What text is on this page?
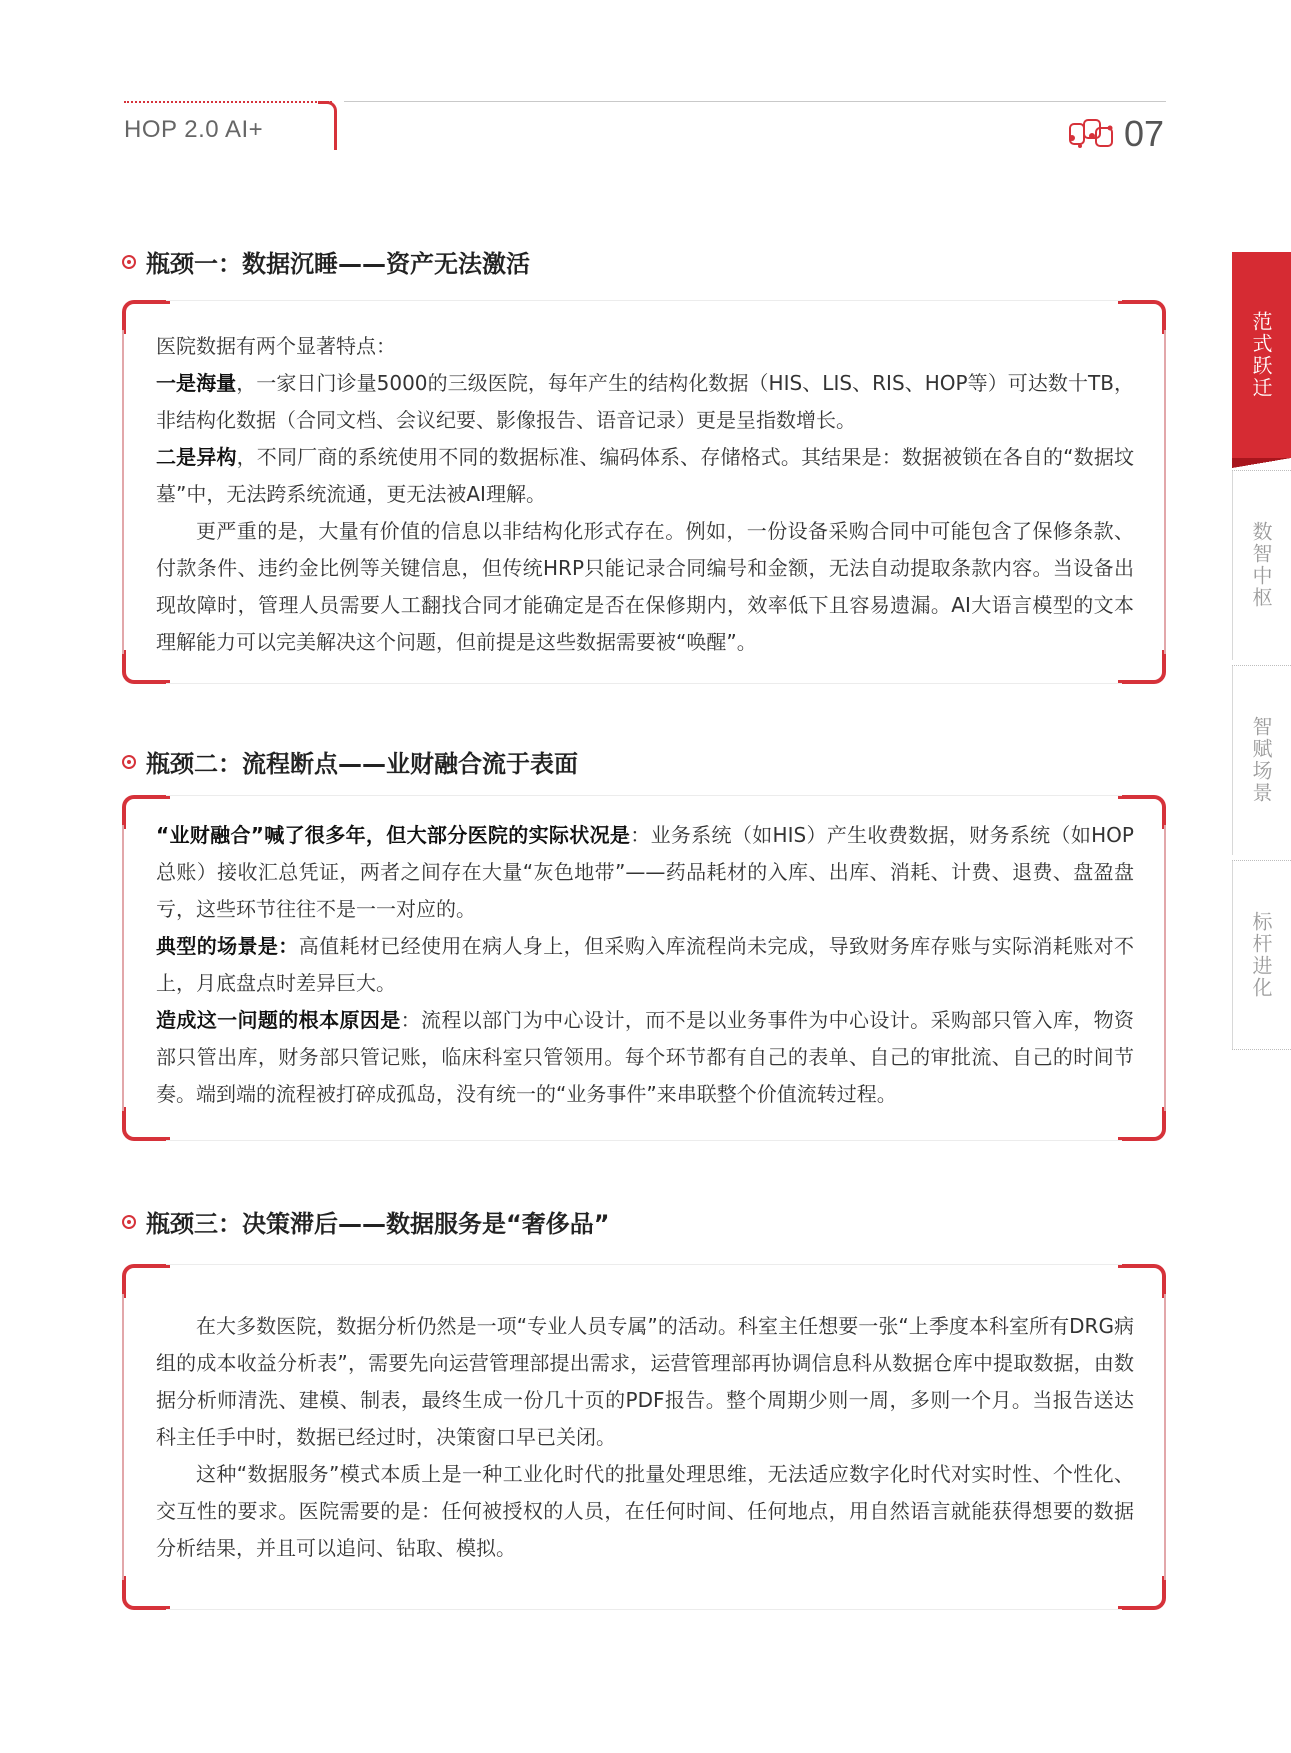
HOP 2.0 AI+	07
范式跃迁
数智中枢
智赋场景
标杆进化
瓶颈一：数据沉睡——资产无法激活

医院数据有两个显著特点：

一是海量，一家日门诊量5000的三级医院，每年产生的结构化数据（HIS、LIS、RIS、HOP等）可达数十TB，非结构化数据（合同文档、会议纪要、影像报告、语音记录）更是呈指数增长。

二是异构，不同厂商的系统使用不同的数据标准、编码体系、存储格式。其结果是：数据被锁在各自的“数据坟墓”中，无法跨系统流通，更无法被AI理解。

更严重的是，大量有价值的信息以非结构化形式存在。例如，一份设备采购合同中可能包含了保修条款、付款条件、违约金比例等关键信息，但传统HRP只能记录合同编号和金额，无法自动提取条款内容。当设备出现故障时，管理人员需要人工翻找合同才能确定是否在保修期内，效率低下且容易遗漏。AI大语言模型的文本理解能力可以完美解决这个问题，但前提是这些数据需要被“唤醒”。

瓶颈二：流程断点——业财融合流于表面

“业财融合”喊了很多年，但大部分医院的实际状况是：业务系统（如HIS）产生收费数据，财务系统（如HOP总账）接收汇总凭证，两者之间存在大量“灰色地带”——药品耗材的入库、出库、消耗、计费、退费、盘盈盘亏，这些环节往往不是一一对应的。

典型的场景是：高值耗材已经使用在病人身上，但采购入库流程尚未完成，导致财务库存账与实际消耗账对不上，月底盘点时差异巨大。

造成这一问题的根本原因是：流程以部门为中心设计，而不是以业务事件为中心设计。采购部只管入库，物资部只管出库，财务部只管记账，临床科室只管领用。每个环节都有自己的表单、自己的审批流、自己的时间节奏。端到端的流程被打碎成孤岛，没有统一的“业务事件”来串联整个价值流转过程。

瓶颈三：决策滞后——数据服务是“奢侈品”

在大多数医院，数据分析仍然是一项“专业人员专属”的活动。科室主任想要一张“上季度本科室所有DRG病组的成本收益分析表”，需要先向运营管理部提出需求，运营管理部再协调信息科从数据仓库中提取数据，由数据分析师清洗、建模、制表，最终生成一份几十页的PDF报告。整个周期少则一周，多则一个月。当报告送达科主任手中时，数据已经过时，决策窗口早已关闭。

这种“数据服务”模式本质上是一种工业化时代的批量处理思维，无法适应数字化时代对实时性、个性化、交互性的要求。医院需要的是：任何被授权的人员，在任何时间、任何地点，用自然语言就能获得想要的数据分析结果，并且可以追问、钻取、模拟。
